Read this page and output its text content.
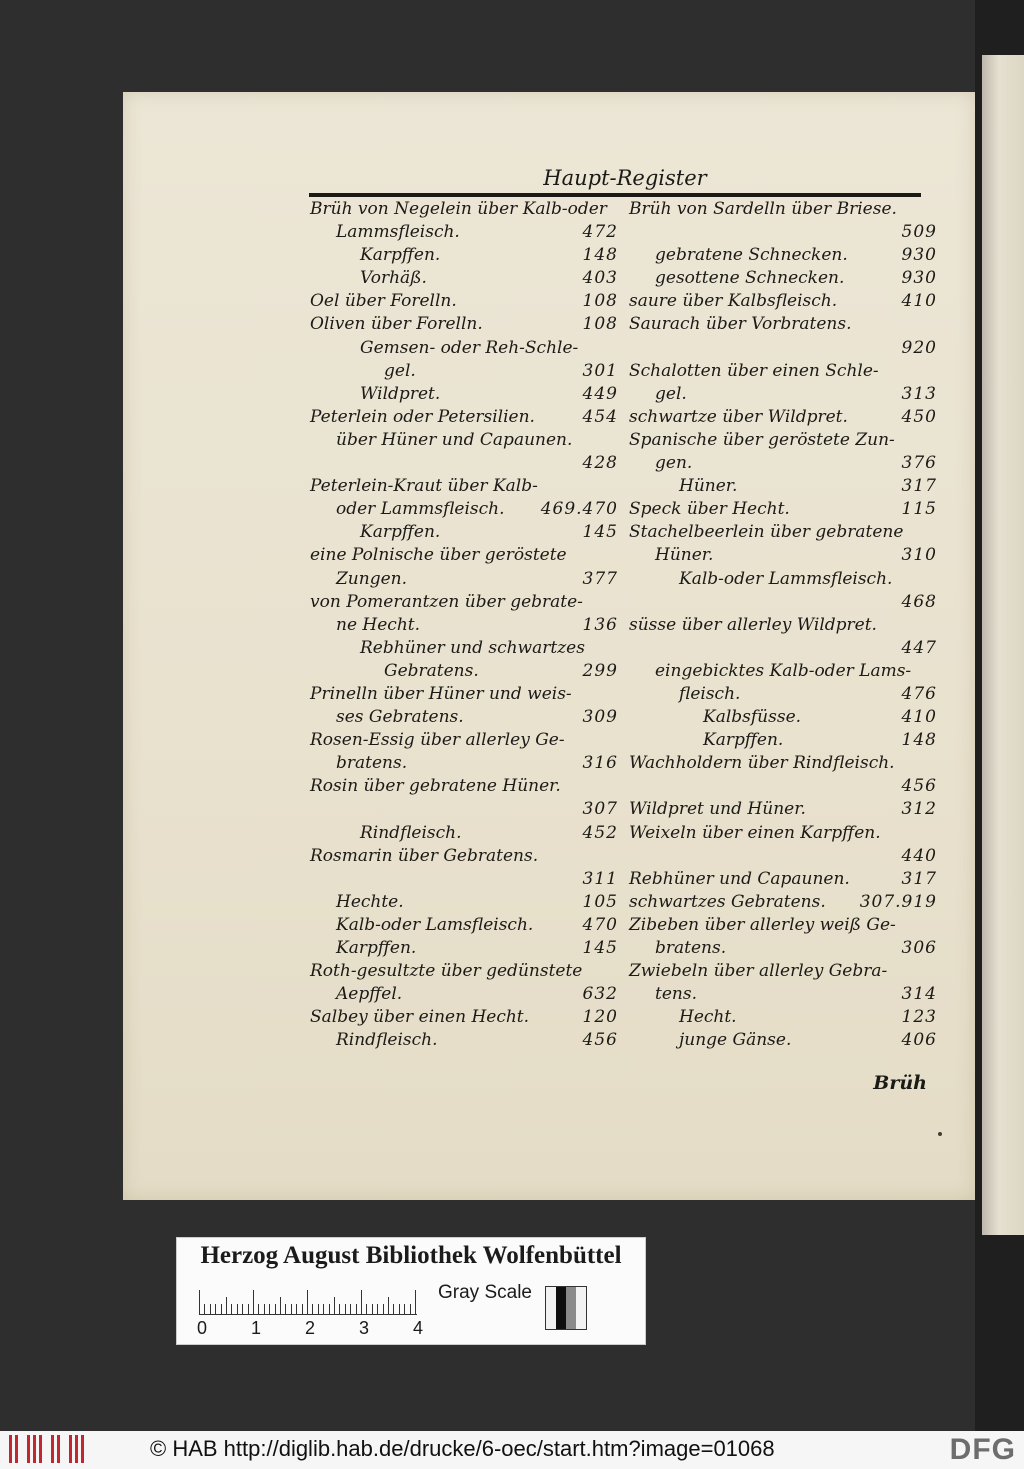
Haupt-Register
Brüh von Negelein über Kalb-oder
Lammsfleisch.	472
Karpffen.	148
Vorhäß.	403
Oel über Forelln.	108
Oliven über Forelln.	108
Gemsen- oder Reh-Schle-
gel.	301
Wildpret.	449
Peterlein oder Petersilien.	454
über Hüner und Capaunen.
428
Peterlein-Kraut über Kalb-
oder Lammsfleisch. 469.470
Karpffen.	145
eine Polnische über geröstete
Zungen.	377
von Pomerantzen über gebrate-
ne Hecht.	136
Rebhüner und schwartzes
Gebratens.	299
Prinelln über Hüner und weis-
ses Gebratens.	309
Rosen-Essig über allerley Ge-
bratens.	316
Rosin über gebratene Hüner.
307
Rindfleisch.	452
Rosmarin über Gebratens.
311
Hechte.	105
Kalb-oder Lamsfleisch.	470
Karpffen.	145
Roth-gesultzte über gedünstete
Aepffel.	632
Salbey über einen Hecht.	120
Rindfleisch.	456
Brüh von Sardelln über Briese.
509
gebratene Schnecken.	930
gesottene Schnecken.	930
saure über Kalbsfleisch.	410
Saurach über Vorbratens.
920
Schalotten über einen Schle-
gel.	313
schwartze über Wildpret.	450
Spanische über geröstete Zun-
gen.	376
Hüner.	317
Speck über Hecht.	115
Stachelbeerlein über gebratene
Hüner.	310
Kalb-oder Lammsfleisch.
468
süsse über allerley Wildpret.
447
eingebicktes Kalb-oder Lams-
fleisch.	476
Kalbsfüsse.	410
Karpffen.	148
Wachholdern über Rindfleisch.
456
Wildpret und Hüner.	312
Weixeln über einen Karpffen.
440
Rebhüner und Capaunen.	317
schwartzes Gebratens. 307.919
Zibeben über allerley weiß Ge-
bratens.	306
Zwiebeln über allerley Gebra-
tens.	314
Hecht.	123
junge Gänse.	406
Brüh
Herzog August Bibliothek Wolfenbüttel
0 1 2 3 4
Gray Scale
© HAB http://diglib.hab.de/drucke/6-oec/start.htm?image=01068	DFG
